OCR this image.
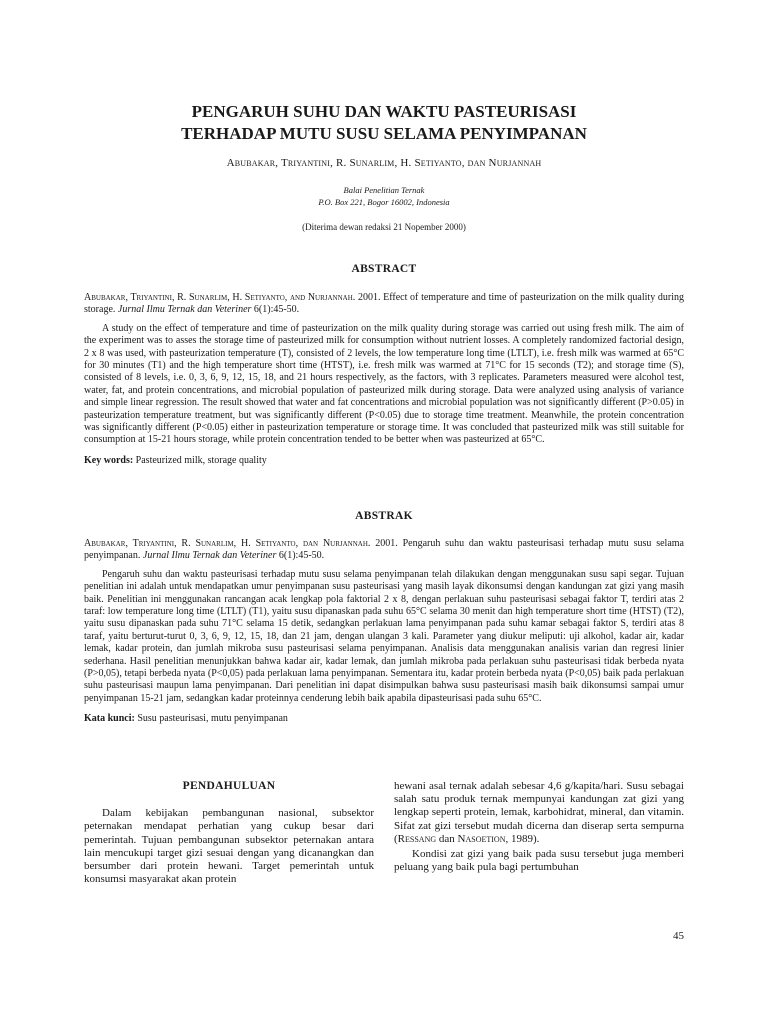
PENGARUH SUHU DAN WAKTU PASTEURISASI
TERHADAP MUTU SUSU SELAMA PENYIMPANAN
Abubakar, Triyantini, R. Sunarlim, H. Setiyanto, dan Nurjannah
Balai Penelitian Ternak
P.O. Box 221, Bogor 16002, Indonesia
(Diterima dewan redaksi 21 Nopember 2000)
ABSTRACT

Abubakar, Triyantini, R. Sunarlim, H. Setiyanto, and Nurjannah. 2001. Effect of temperature and time of pasteurization on the milk quality during storage. Jurnal Ilmu Ternak dan Veteriner 6(1):45-50.

A study on the effect of temperature and time of pasteurization on the milk quality during storage was carried out using fresh milk. The aim of the experiment was to asses the storage time of pasteurized milk for consumption without nutrient losses. A completely randomized factorial design, 2 x 8 was used, with pasteurization temperature (T), consisted of 2 levels, the low temperature long time (LTLT), i.e. fresh milk was warmed at 65°C for 30 minutes (T1) and the high temperature short time (HTST), i.e. fresh milk was warmed at 71°C for 15 seconds (T2); and storage time (S), consisted of 8 levels, i.e. 0, 3, 6, 9, 12, 15, 18, and 21 hours respectively, as the factors, with 3 replicates. Parameters measured were alcohol test, water, fat, and protein concentrations, and microbial population of pasteurized milk during storage. Data were analyzed using analysis of variance and simple linear regression. The result showed that water and fat concentrations and microbial population was not significantly different (P>0.05) in pasteurization temperature treatment, but was significantly different (P<0.05) due to storage time treatment. Meanwhile, the protein concentration was significantly different (P<0.05) either in pasteurization temperature or storage time. It was concluded that pasteurized milk was still suitable for consumption at 15-21 hours storage, while protein concentration tended to be better when was pasteurized at 65°C.

Key words: Pasteurized milk, storage quality

ABSTRAK

Abubakar, Triyantini, R. Sunarlim, H. Setiyanto, dan Nurjannah. 2001. Pengaruh suhu dan waktu pasteurisasi terhadap mutu susu selama penyimpanan. Jurnal Ilmu Ternak dan Veteriner 6(1):45-50.

Pengaruh suhu dan waktu pasteurisasi terhadap mutu susu selama penyimpanan telah dilakukan dengan menggunakan susu sapi segar. Tujuan penelitian ini adalah untuk mendapatkan umur penyimpanan susu pasteurisasi yang masih layak dikonsumsi dengan kandungan zat gizi yang masih baik. Penelitian ini menggunakan rancangan acak lengkap pola faktorial 2 x 8, dengan perlakuan suhu pasteurisasi sebagai faktor T, terdiri atas 2 taraf: low temperature long time (LTLT) (T1), yaitu susu dipanaskan pada suhu 65°C selama 30 menit dan high temperature short time (HTST) (T2), yaitu susu dipanaskan pada suhu 71°C selama 15 detik, sedangkan perlakuan lama penyimpanan pada suhu kamar sebagai faktor S, terdiri atas 8 taraf, yaitu berturut-turut 0, 3, 6, 9, 12, 15, 18, dan 21 jam, dengan ulangan 3 kali. Parameter yang diukur meliputi: uji alkohol, kadar air, kadar lemak, kadar protein, dan jumlah mikroba susu pasteurisasi selama penyimpanan. Analisis data menggunakan analisis varian dan regresi linier sederhana. Hasil penelitian menunjukkan bahwa kadar air, kadar lemak, dan jumlah mikroba pada perlakuan suhu pasteurisasi tidak berbeda nyata (P>0,05), tetapi berbeda nyata (P<0,05) pada perlakuan lama penyimpanan. Sementara itu, kadar protein berbeda nyata (P<0,05) baik pada perlakuan suhu pasteurisasi maupun lama penyimpanan. Dari penelitian ini dapat disimpulkan bahwa susu pasteurisasi masih baik dikonsumsi sampai umur penyimpanan 15-21 jam, sedangkan kadar proteinnya cenderung lebih baik apabila dipasteurisasi pada suhu 65°C.

Kata kunci: Susu pasteurisasi, mutu penyimpanan

PENDAHULUAN

Dalam kebijakan pembangunan nasional, subsektor peternakan mendapat perhatian yang cukup besar dari pemerintah. Tujuan pembangunan subsektor peternakan antara lain mencukupi target gizi sesuai dengan yang dicanangkan dan bersumber dari protein hewani. Target pemerintah untuk konsumsi masyarakat akan protein

hewani asal ternak adalah sebesar 4,6 g/kapita/hari. Susu sebagai salah satu produk ternak mempunyai kandungan zat gizi yang lengkap seperti protein, lemak, karbohidrat, mineral, dan vitamin. Sifat zat gizi tersebut mudah dicerna dan diserap serta sempurna (Ressang dan Nasoetion, 1989).

Kondisi zat gizi yang baik pada susu tersebut juga memberi peluang yang baik pula bagi pertumbuhan

45
